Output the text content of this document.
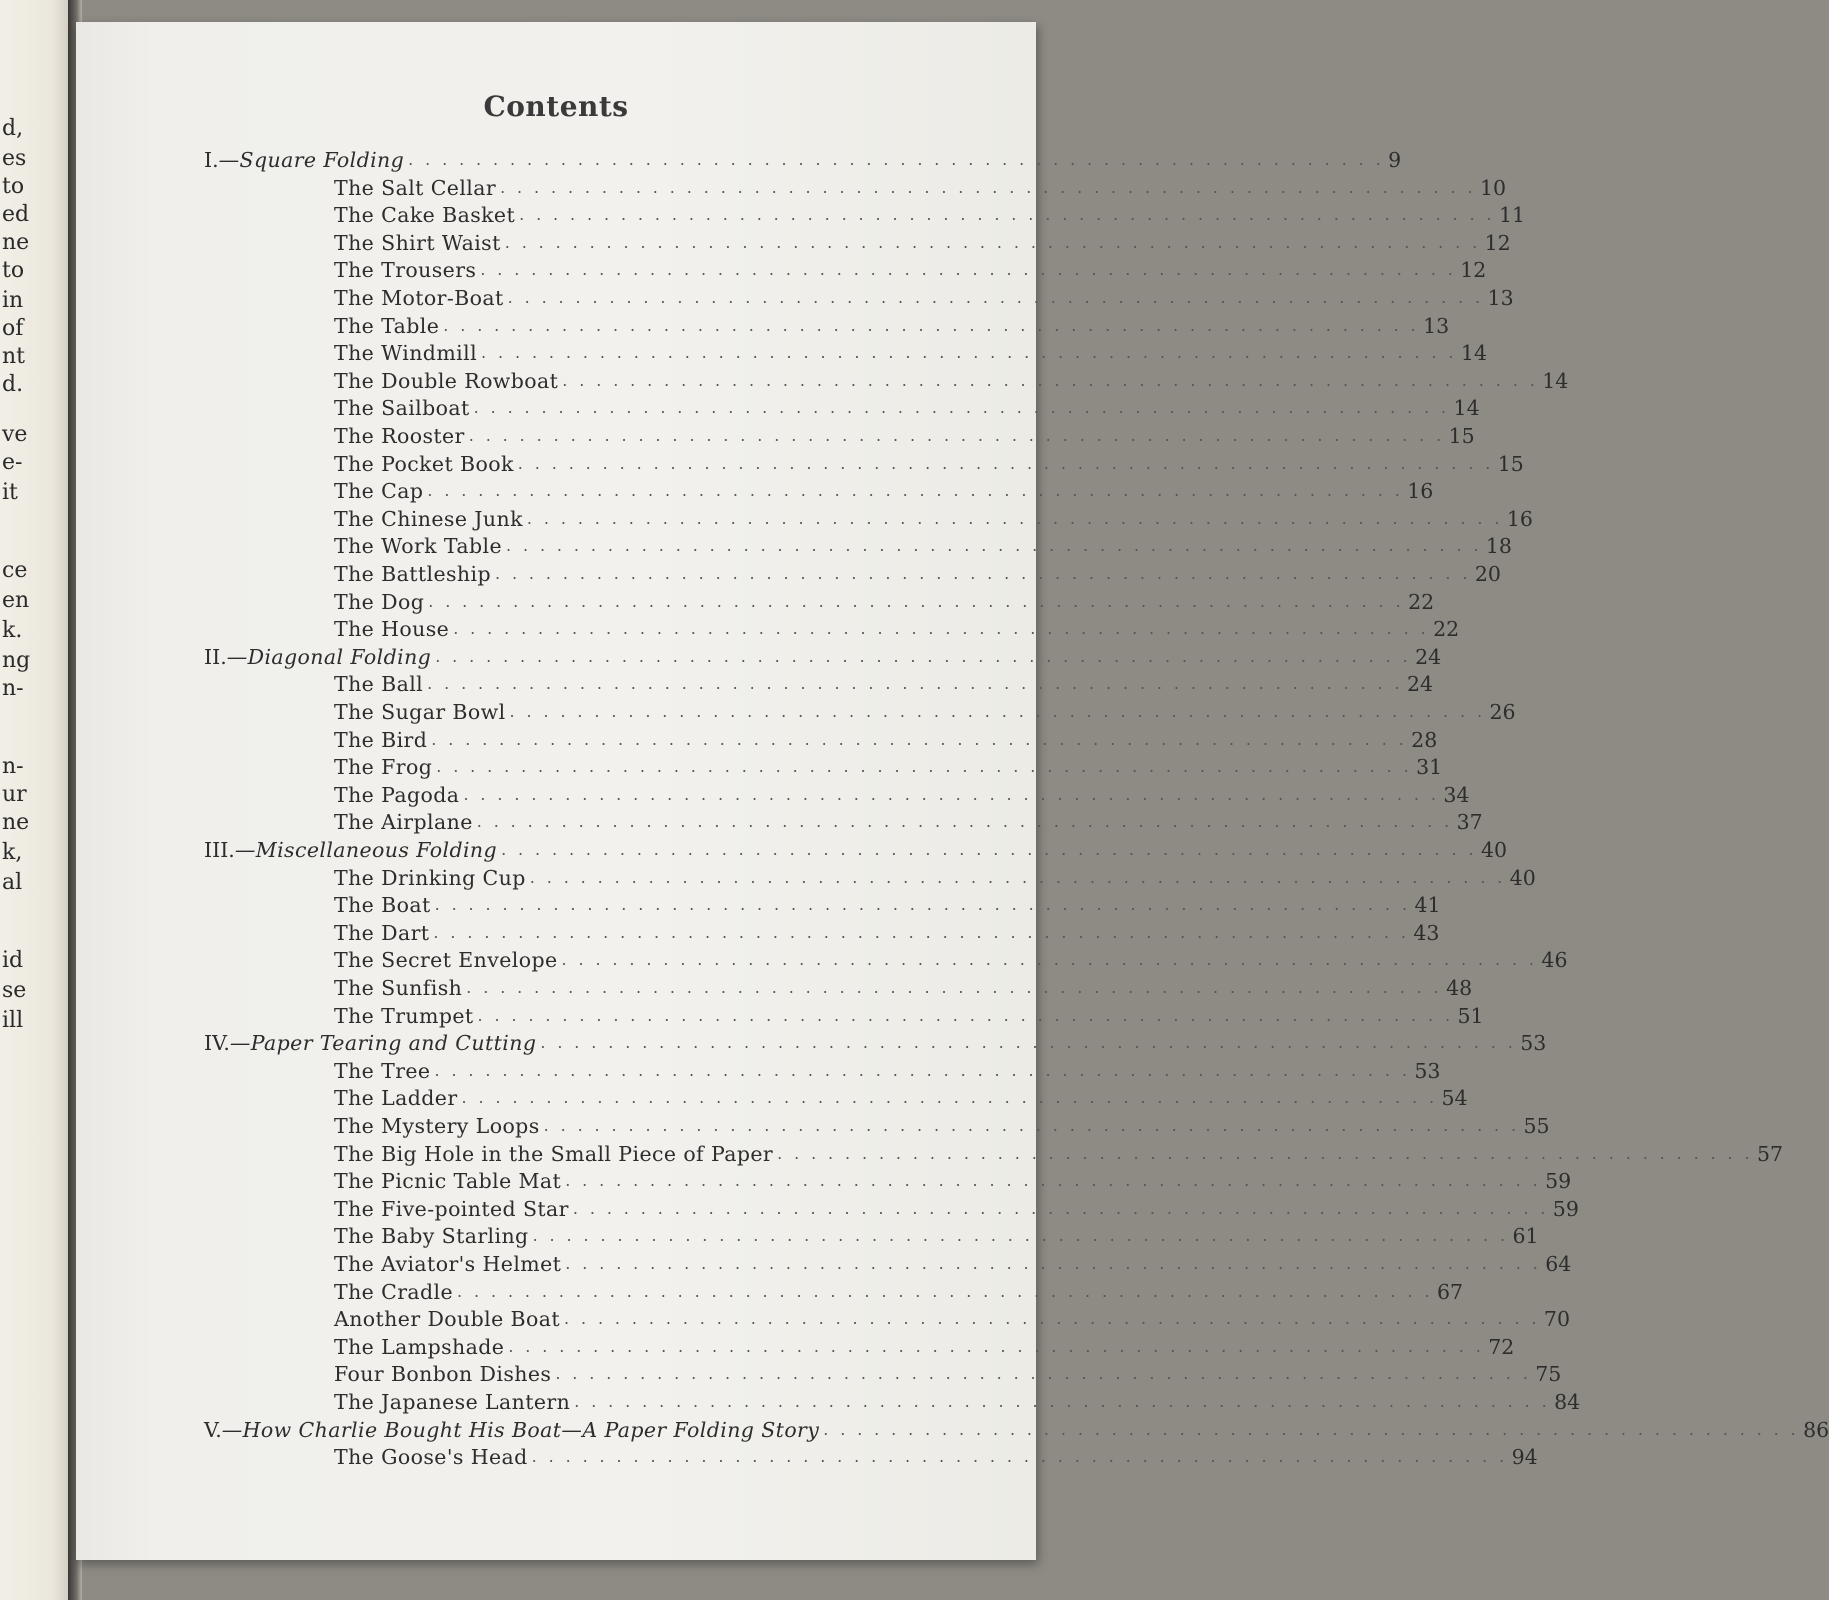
d,
es
to
ed
ne
to
in
of
nt
d.
ve
e-
it
ce
en
k.
ng
n-
n-
ur
ne
k,
al
id
se
ill
Contents
I. —Square Folding . . . . . . . . . . . . . . . . . . . . . . . . . . . . . . . . . . . . . . . . . . . . . . . . . . . . . . . . . . 9
The Salt Cellar . . . . . . . . . . . . . . . . . . . . . . . . . . . . . . . . . . . . . . . . . . . . . . . . . . . . . . . . . . 10
The Cake Basket . . . . . . . . . . . . . . . . . . . . . . . . . . . . . . . . . . . . . . . . . . . . . . . . . . . . . . . . . . 11
The Shirt Waist . . . . . . . . . . . . . . . . . . . . . . . . . . . . . . . . . . . . . . . . . . . . . . . . . . . . . . . . . . 12
The Trousers . . . . . . . . . . . . . . . . . . . . . . . . . . . . . . . . . . . . . . . . . . . . . . . . . . . . . . . . . . 12
The Motor-Boat . . . . . . . . . . . . . . . . . . . . . . . . . . . . . . . . . . . . . . . . . . . . . . . . . . . . . . . . . . 13
The Table . . . . . . . . . . . . . . . . . . . . . . . . . . . . . . . . . . . . . . . . . . . . . . . . . . . . . . . . . . 13
The Windmill . . . . . . . . . . . . . . . . . . . . . . . . . . . . . . . . . . . . . . . . . . . . . . . . . . . . . . . . . . 14
The Double Rowboat . . . . . . . . . . . . . . . . . . . . . . . . . . . . . . . . . . . . . . . . . . . . . . . . . . . . . . . . . . 14
The Sailboat . . . . . . . . . . . . . . . . . . . . . . . . . . . . . . . . . . . . . . . . . . . . . . . . . . . . . . . . . . 14
The Rooster . . . . . . . . . . . . . . . . . . . . . . . . . . . . . . . . . . . . . . . . . . . . . . . . . . . . . . . . . . 15
The Pocket Book . . . . . . . . . . . . . . . . . . . . . . . . . . . . . . . . . . . . . . . . . . . . . . . . . . . . . . . . . . 15
The Cap . . . . . . . . . . . . . . . . . . . . . . . . . . . . . . . . . . . . . . . . . . . . . . . . . . . . . . . . . . 16
The Chinese Junk . . . . . . . . . . . . . . . . . . . . . . . . . . . . . . . . . . . . . . . . . . . . . . . . . . . . . . . . . . 16
The Work Table . . . . . . . . . . . . . . . . . . . . . . . . . . . . . . . . . . . . . . . . . . . . . . . . . . . . . . . . . . 18
The Battleship . . . . . . . . . . . . . . . . . . . . . . . . . . . . . . . . . . . . . . . . . . . . . . . . . . . . . . . . . . 20
The Dog . . . . . . . . . . . . . . . . . . . . . . . . . . . . . . . . . . . . . . . . . . . . . . . . . . . . . . . . . . 22
The House . . . . . . . . . . . . . . . . . . . . . . . . . . . . . . . . . . . . . . . . . . . . . . . . . . . . . . . . . . 22
II. —Diagonal Folding . . . . . . . . . . . . . . . . . . . . . . . . . . . . . . . . . . . . . . . . . . . . . . . . . . . . . . . . . . 24
The Ball . . . . . . . . . . . . . . . . . . . . . . . . . . . . . . . . . . . . . . . . . . . . . . . . . . . . . . . . . . 24
The Sugar Bowl . . . . . . . . . . . . . . . . . . . . . . . . . . . . . . . . . . . . . . . . . . . . . . . . . . . . . . . . . . 26
The Bird . . . . . . . . . . . . . . . . . . . . . . . . . . . . . . . . . . . . . . . . . . . . . . . . . . . . . . . . . . 28
The Frog . . . . . . . . . . . . . . . . . . . . . . . . . . . . . . . . . . . . . . . . . . . . . . . . . . . . . . . . . . 31
The Pagoda . . . . . . . . . . . . . . . . . . . . . . . . . . . . . . . . . . . . . . . . . . . . . . . . . . . . . . . . . . 34
The Airplane . . . . . . . . . . . . . . . . . . . . . . . . . . . . . . . . . . . . . . . . . . . . . . . . . . . . . . . . . . 37
III. —Miscellaneous Folding . . . . . . . . . . . . . . . . . . . . . . . . . . . . . . . . . . . . . . . . . . . . . . . . . . . . . . . . . . 40
The Drinking Cup . . . . . . . . . . . . . . . . . . . . . . . . . . . . . . . . . . . . . . . . . . . . . . . . . . . . . . . . . . 40
The Boat . . . . . . . . . . . . . . . . . . . . . . . . . . . . . . . . . . . . . . . . . . . . . . . . . . . . . . . . . . 41
The Dart . . . . . . . . . . . . . . . . . . . . . . . . . . . . . . . . . . . . . . . . . . . . . . . . . . . . . . . . . . 43
The Secret Envelope . . . . . . . . . . . . . . . . . . . . . . . . . . . . . . . . . . . . . . . . . . . . . . . . . . . . . . . . . . 46
The Sunfish . . . . . . . . . . . . . . . . . . . . . . . . . . . . . . . . . . . . . . . . . . . . . . . . . . . . . . . . . . 48
The Trumpet . . . . . . . . . . . . . . . . . . . . . . . . . . . . . . . . . . . . . . . . . . . . . . . . . . . . . . . . . . 51
IV. —Paper Tearing and Cutting . . . . . . . . . . . . . . . . . . . . . . . . . . . . . . . . . . . . . . . . . . . . . . . . . . . . . . . . . . 53
The Tree . . . . . . . . . . . . . . . . . . . . . . . . . . . . . . . . . . . . . . . . . . . . . . . . . . . . . . . . . . 53
The Ladder . . . . . . . . . . . . . . . . . . . . . . . . . . . . . . . . . . . . . . . . . . . . . . . . . . . . . . . . . . 54
The Mystery Loops . . . . . . . . . . . . . . . . . . . . . . . . . . . . . . . . . . . . . . . . . . . . . . . . . . . . . . . . . . 55
The Big Hole in the Small Piece of Paper . . . . . . . . . . . . . . . . . . . . . . . . . . . . . . . . . . . . . . . . . . . . . . . . . . . . . . . . . . 57
The Picnic Table Mat . . . . . . . . . . . . . . . . . . . . . . . . . . . . . . . . . . . . . . . . . . . . . . . . . . . . . . . . . . 59
The Five-pointed Star . . . . . . . . . . . . . . . . . . . . . . . . . . . . . . . . . . . . . . . . . . . . . . . . . . . . . . . . . . 59
The Baby Starling . . . . . . . . . . . . . . . . . . . . . . . . . . . . . . . . . . . . . . . . . . . . . . . . . . . . . . . . . . 61
The Aviator's Helmet . . . . . . . . . . . . . . . . . . . . . . . . . . . . . . . . . . . . . . . . . . . . . . . . . . . . . . . . . . 64
The Cradle . . . . . . . . . . . . . . . . . . . . . . . . . . . . . . . . . . . . . . . . . . . . . . . . . . . . . . . . . . 67
Another Double Boat . . . . . . . . . . . . . . . . . . . . . . . . . . . . . . . . . . . . . . . . . . . . . . . . . . . . . . . . . . 70
The Lampshade . . . . . . . . . . . . . . . . . . . . . . . . . . . . . . . . . . . . . . . . . . . . . . . . . . . . . . . . . . 72
Four Bonbon Dishes . . . . . . . . . . . . . . . . . . . . . . . . . . . . . . . . . . . . . . . . . . . . . . . . . . . . . . . . . . 75
The Japanese Lantern . . . . . . . . . . . . . . . . . . . . . . . . . . . . . . . . . . . . . . . . . . . . . . . . . . . . . . . . . . 84
V. —How Charlie Bought His Boat—A Paper Folding Story . . . . . . . . . . . . . . . . . . . . . . . . . . . . . . . . . . . . . . . . . . . . . . . . . . . . . . . . . . 86
The Goose's Head . . . . . . . . . . . . . . . . . . . . . . . . . . . . . . . . . . . . . . . . . . . . . . . . . . . . . . . . . . 94
